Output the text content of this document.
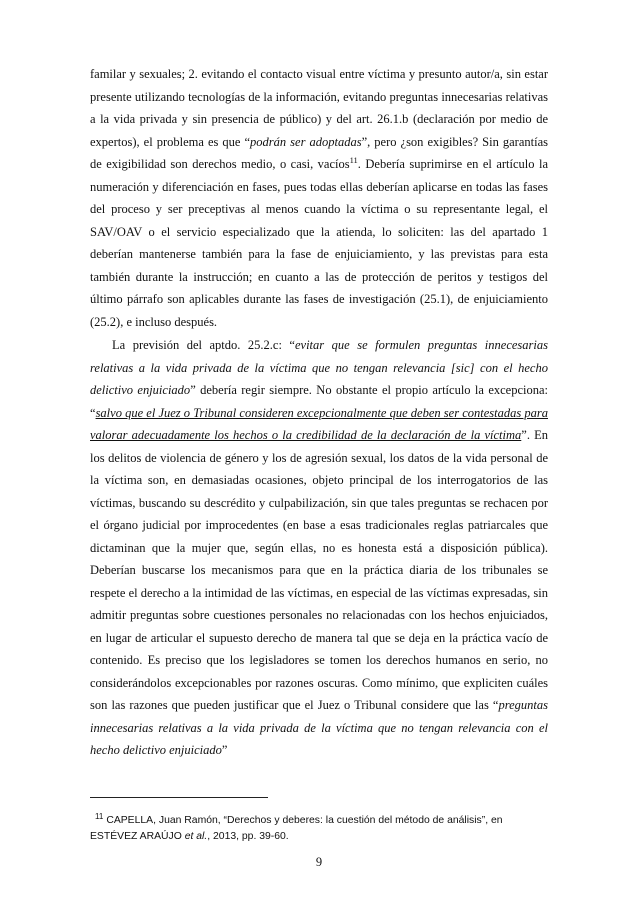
familar y sexuales; 2. evitando el contacto visual entre víctima y presunto autor/a, sin estar presente utilizando tecnologías de la información, evitando preguntas innecesarias relativas a la vida privada y sin presencia de público) y del art. 26.1.b (declaración por medio de expertos), el problema es que “podrán ser adoptadas”, pero ¿son exigibles? Sin garantías de exigibilidad son derechos medio, o casi, vacíos$^{11}$. Debería suprimirse en el artículo la numeración y diferenciación en fases, pues todas ellas deberían aplicarse en todas las fases del proceso y ser preceptivas al menos cuando la víctima o su representante legal, el SAV/OAV o el servicio especializado que la atienda, lo soliciten: las del apartado 1 deberían mantenerse también para la fase de enjuiciamiento, y las previstas para esta también durante la instrucción; en cuanto a las de protección de peritos y testigos del último párrafo son aplicables durante las fases de investigación (25.1), de enjuiciamiento (25.2), e incluso después.

La previsión del aptdo. 25.2.c: “evitar que se formulen preguntas innecesarias relativas a la vida privada de la víctima que no tengan relevancia [sic] con el hecho delictivo enjuiciado” debería regir siempre. No obstante el propio artículo la excepciona: “salvo que el Juez o Tribunal consideren excepcionalmente que deben ser contestadas para valorar adecuadamente los hechos o la credibilidad de la declaración de la víctima”. En los delitos de violencia de género y los de agresión sexual, los datos de la vida personal de la víctima son, en demasiadas ocasiones, objeto principal de los interrogatorios de las víctimas, buscando su descrédito y culpabilización, sin que tales preguntas se rechacen por el órgano judicial por improcedentes (en base a esas tradicionales reglas patriarcales que dictaminan que la mujer que, según ellas, no es honesta está a disposición pública). Deberían buscarse los mecanismos para que en la práctica diaria de los tribunales se respete el derecho a la intimidad de las víctimas, en especial de las víctimas expresadas, sin admitir preguntas sobre cuestiones personales no relacionadas con los hechos enjuiciados, en lugar de articular el supuesto derecho de manera tal que se deja en la práctica vacío de contenido. Es preciso que los legisladores se tomen los derechos humanos en serio, no considerándolos excepcionables por razones oscuras. Como mínimo, que expliciten cuáles son las razones que pueden justificar que el Juez o Tribunal considere que las “preguntas innecesarias relativas a la vida privada de la víctima que no tengan relevancia con el hecho delictivo enjuiciado”

$^{11}$ CAPELLA, Juan Ramón, “Derechos y deberes: la cuestión del método de análisis”, en ESTÉVEZ ARAÚJO et al., 2013, pp. 39-60.
9
